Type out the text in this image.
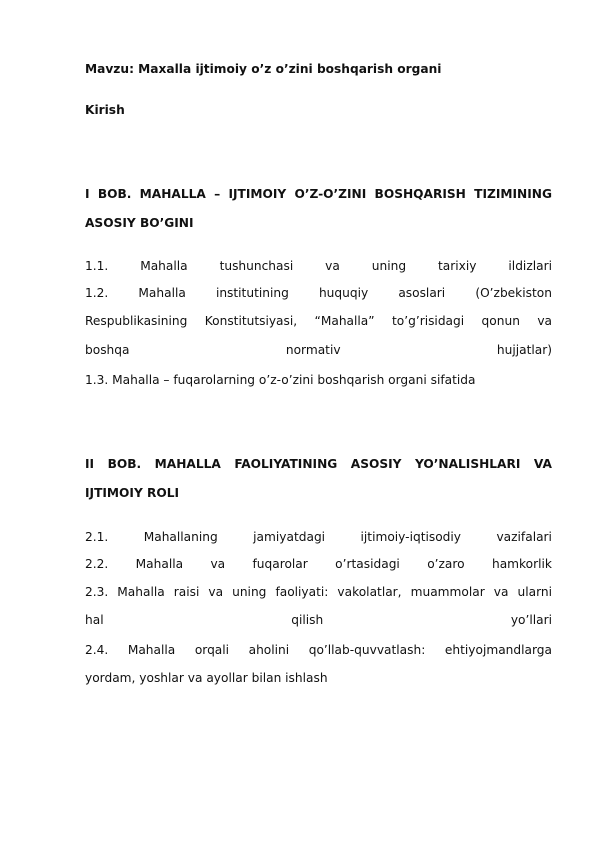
Mavzu: Maxalla ijtimoiy o’z o’zini boshqarish organi
Kirish
I BOB. MAHALLA – IJTIMOIY O’Z-O’ZINI BOSHQARISH TIZIMINING
ASOSIY BO’GINI
1.1.	Mahalla	tushunchasi	va	uning	tarixiy	ildizlari
1.2. Mahalla institutining huquqiy asoslari (O’zbekiston
Respublikasining Konstitutsiyasi, “Mahalla” to’g’risidagi qonun va
boshqa	normativ	hujjatlar)
1.3. Mahalla – fuqarolarning o’z-o’zini boshqarish organi sifatida
II BOB. MAHALLA FAOLIYATINING ASOSIY YO’NALISHLARI VA
IJTIMOIY ROLI
2.1.	Mahallaning	jamiyatdagi	ijtimoiy-iqtisodiy	vazifalari
2.2. Mahalla va fuqarolar o’rtasidagi o’zaro hamkorlik
2.3. Mahalla raisi va uning faoliyati: vakolatlar, muammolar va ularni
hal	qilish	yo’llari
2.4. Mahalla orqali aholini qo’llab-quvvatlash: ehtiyojmandlarga
yordam, yoshlar va ayollar bilan ishlash
